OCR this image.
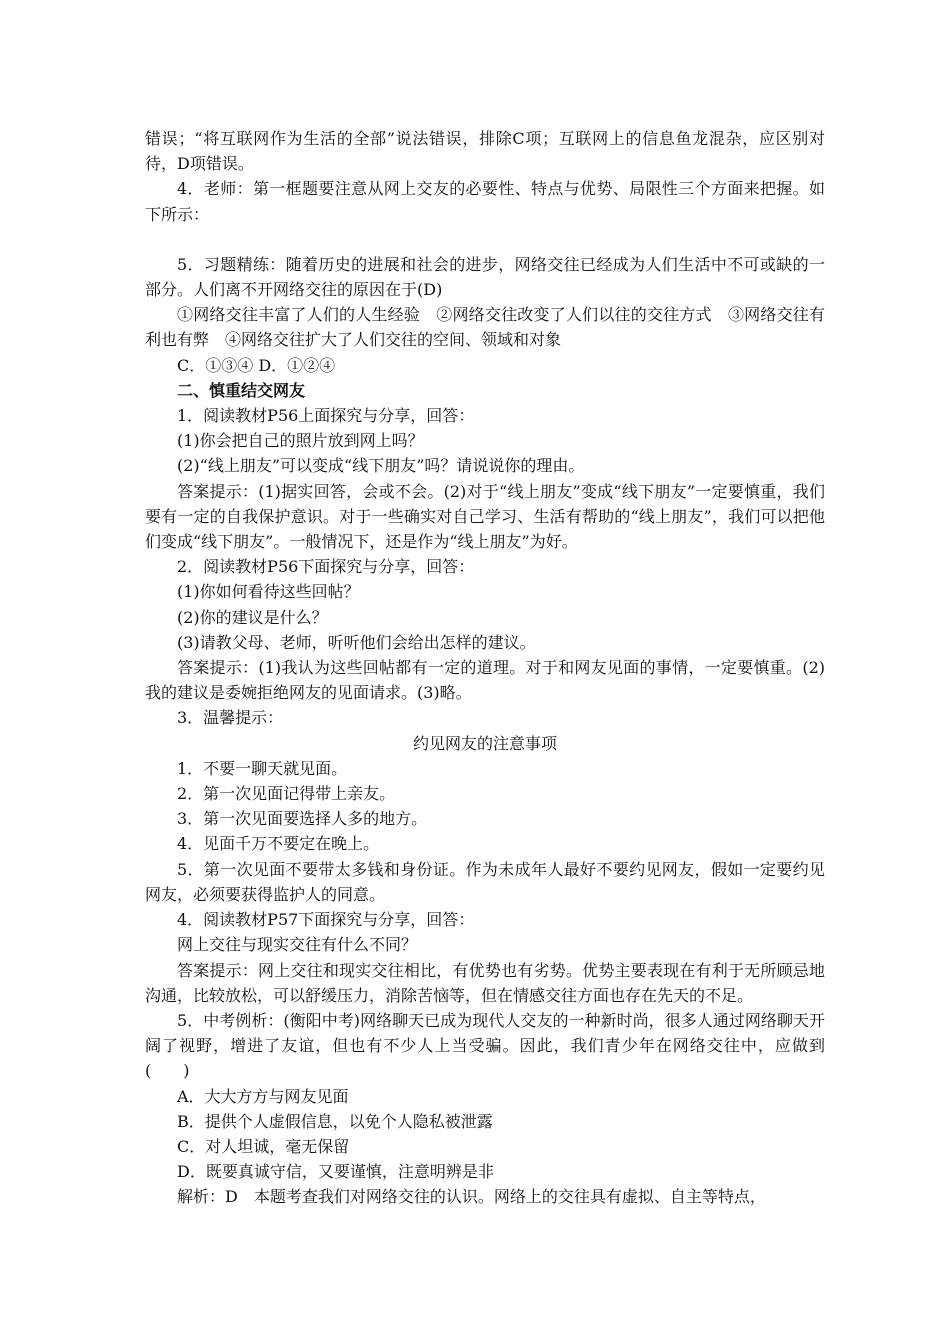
错误；“将互联网作为生活的全部”说法错误，排除C项；互联网上的信息鱼龙混杂，应区别对待，D项错误。

4．老师：第一框题要注意从网上交友的必要性、特点与优势、局限性三个方面来把握。如下所示：

5．习题精练：随着历史的进展和社会的进步，网络交往已经成为人们生活中不可或缺的一部分。人们离不开网络交往的原因在于(D)

①网络交往丰富了人们的人生经验　②网络交往改变了人们以往的交往方式　③网络交往有利也有弊　④网络交往扩大了人们交往的空间、领域和对象

C．①③④ D．①②④

二、慎重结交网友

1．阅读教材P56上面探究与分享，回答：

(1)你会把自己的照片放到网上吗？

(2)“线上朋友”可以变成“线下朋友”吗？请说说你的理由。

答案提示：(1)据实回答，会或不会。(2)对于“线上朋友”变成“线下朋友”一定要慎重，我们要有一定的自我保护意识。对于一些确实对自己学习、生活有帮助的“线上朋友”，我们可以把他们变成“线下朋友”。一般情况下，还是作为“线上朋友”为好。

2．阅读教材P56下面探究与分享，回答：

(1)你如何看待这些回帖？

(2)你的建议是什么？

(3)请教父母、老师，听听他们会给出怎样的建议。

答案提示：(1)我认为这些回帖都有一定的道理。对于和网友见面的事情，一定要慎重。(2)我的建议是委婉拒绝网友的见面请求。(3)略。

3．温馨提示：

约见网友的注意事项

1．不要一聊天就见面。

2．第一次见面记得带上亲友。

3．第一次见面要选择人多的地方。

4．见面千万不要定在晚上。

5．第一次见面不要带太多钱和身份证。作为未成年人最好不要约见网友，假如一定要约见网友，必须要获得监护人的同意。

4．阅读教材P57下面探究与分享，回答：

网上交往与现实交往有什么不同？

答案提示：网上交往和现实交往相比，有优势也有劣势。优势主要表现在有利于无所顾忌地沟通，比较放松，可以舒缓压力，消除苦恼等，但在情感交往方面也存在先天的不足。

5．中考例析：(衡阳中考)网络聊天已成为现代人交友的一种新时尚，很多人通过网络聊天开阔了视野，增进了友谊，但也有不少人上当受骗。因此，我们青少年在网络交往中，应做到(　　)

A．大大方方与网友见面

B．提供个人虚假信息，以免个人隐私被泄露

C．对人坦诚，毫无保留

D．既要真诚守信，又要谨慎，注意明辨是非

解析：D　本题考查我们对网络交往的认识。网络上的交往具有虚拟、自主等特点，
